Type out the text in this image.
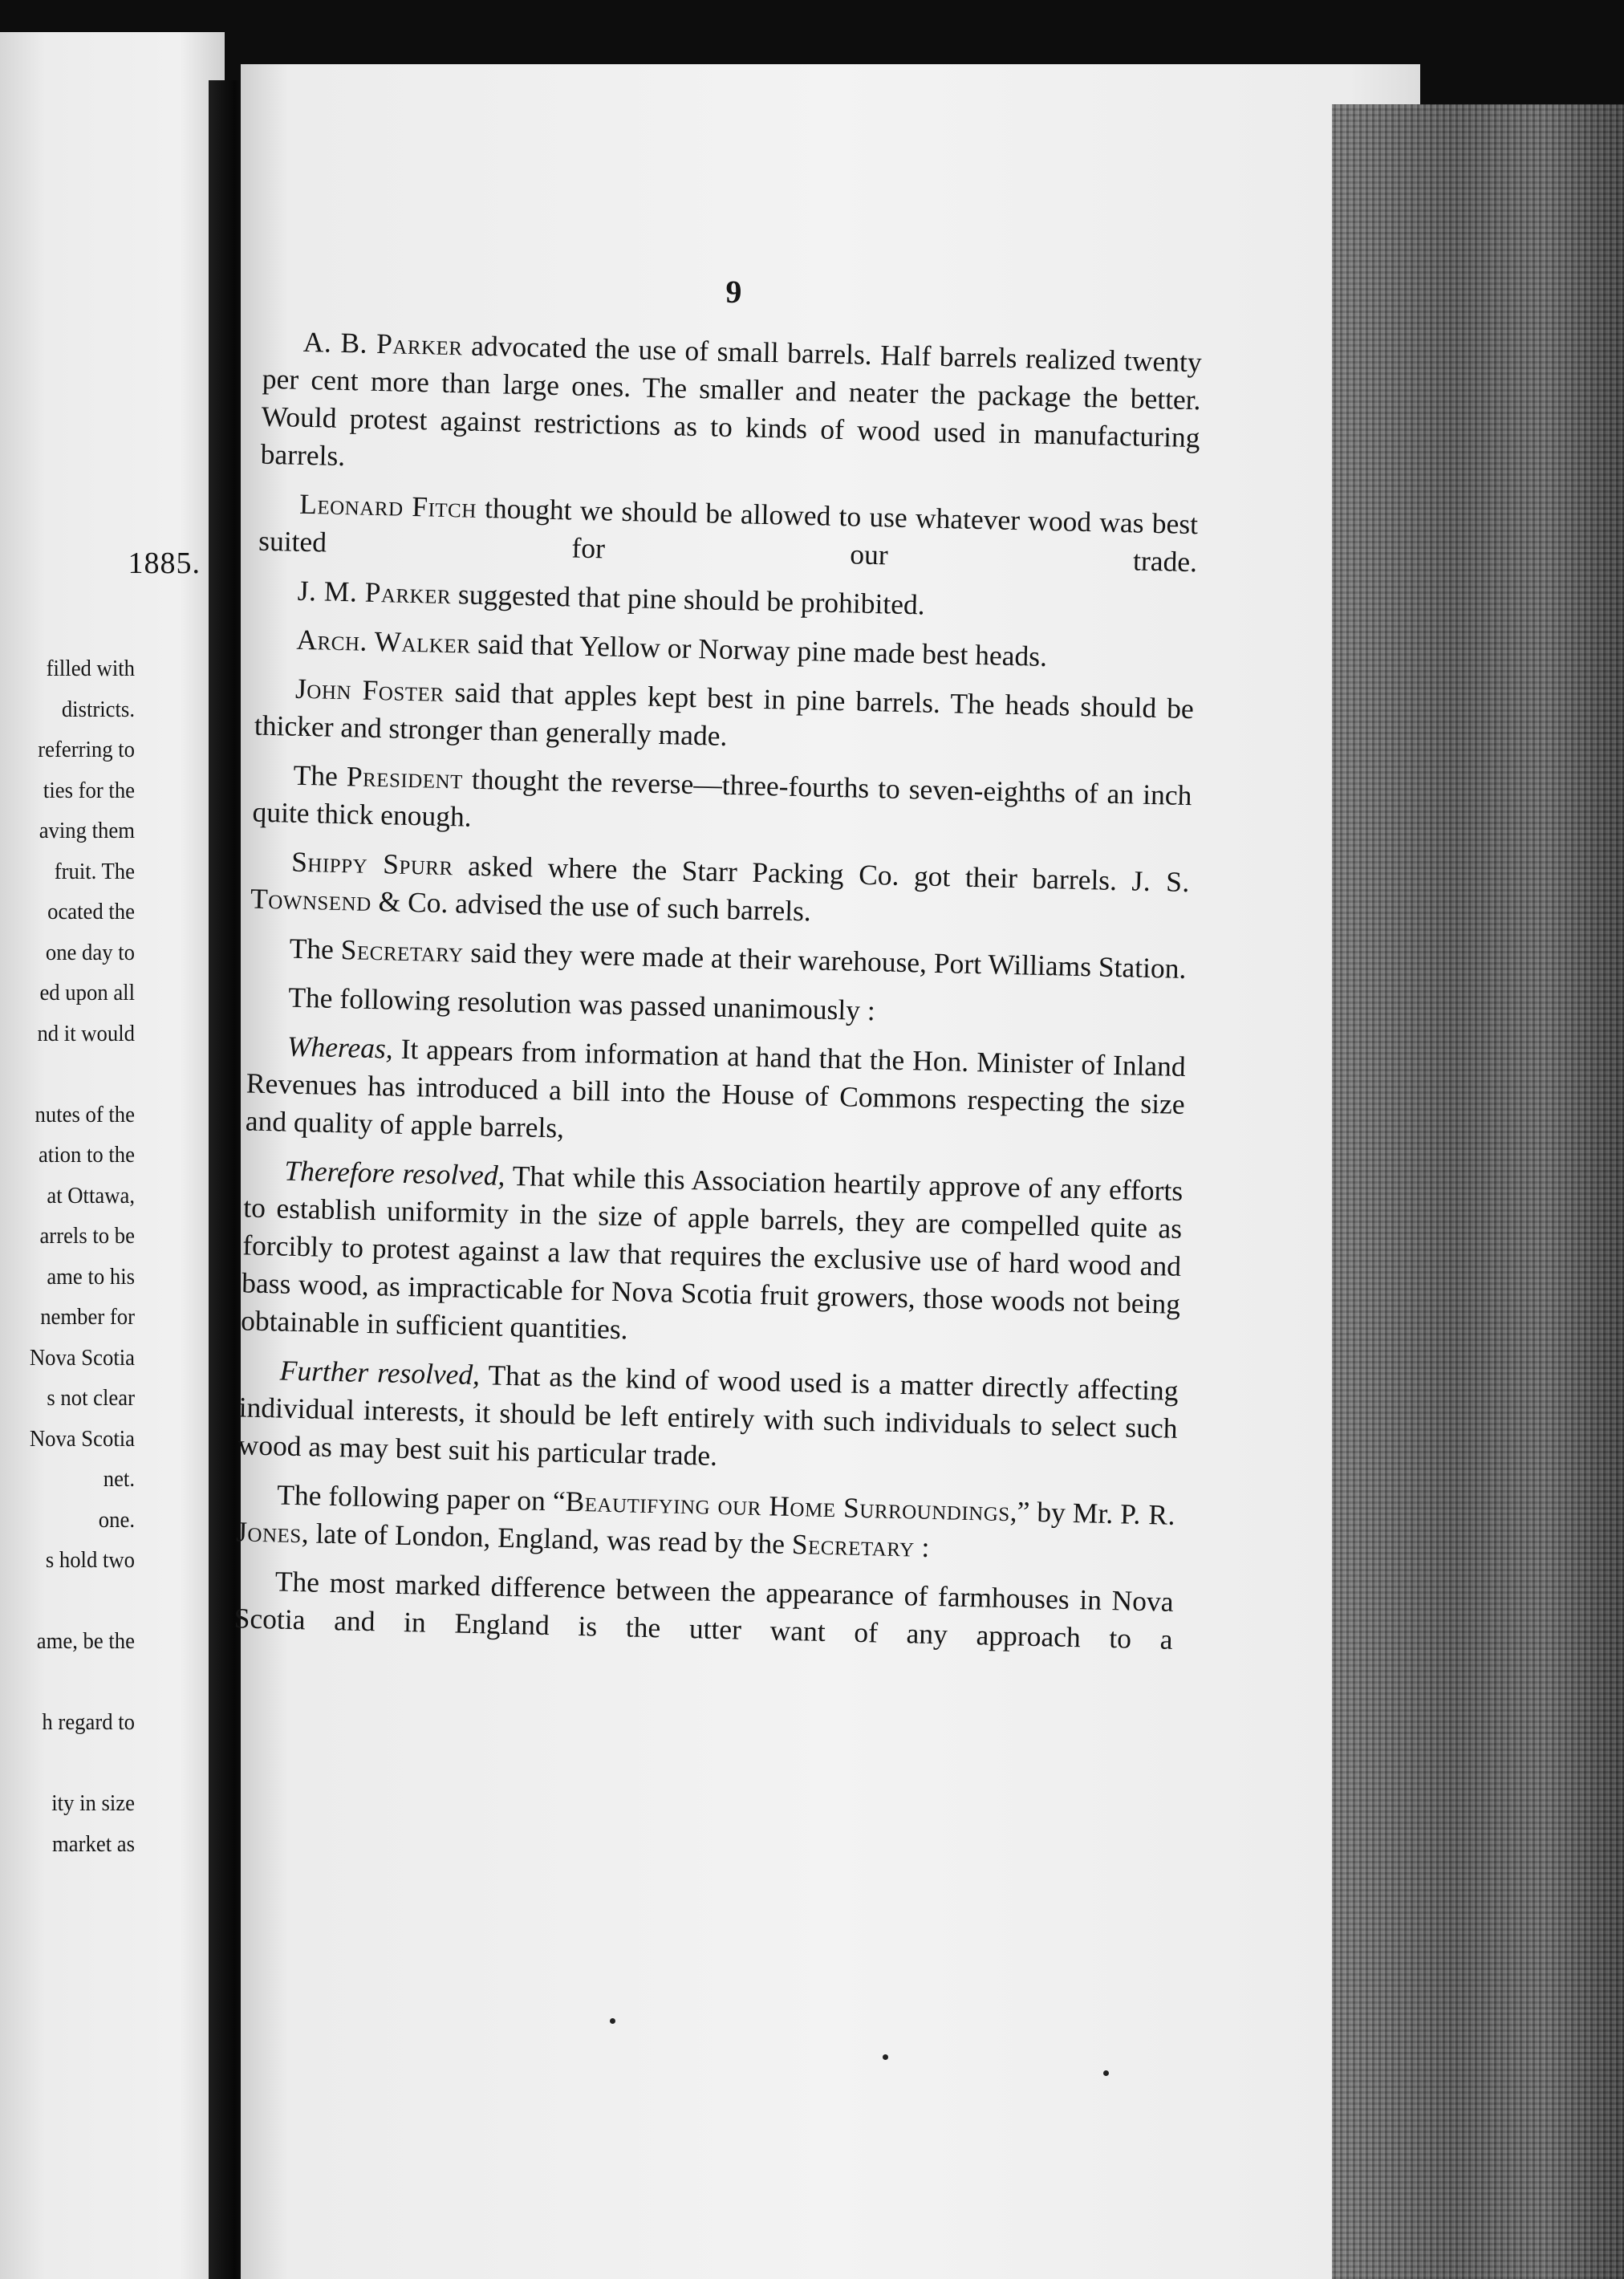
1885.
filled with
districts.
referring to
ties for the
aving them
fruit. The
ocated the
one day to
ed upon all
nd it would

nutes of the
ation to the
at Ottawa,
arrels to be
ame to his
nember for
Nova Scotia
s not clear
Nova Scotia
net.
one.
s hold two

ame, be the

h regard to

ity in size
market as
9

A. B. Parker advocated the use of small barrels. Half barrels realized twenty per cent more than large ones. The smaller and neater the package the better. Would protest against restrictions as to kinds of wood used in manufacturing barrels.

Leonard Fitch thought we should be allowed to use whatever wood was best suited for our trade.

J. M. Parker suggested that pine should be prohibited.

Arch. Walker said that Yellow or Norway pine made best heads.

John Foster said that apples kept best in pine barrels. The heads should be thicker and stronger than generally made.

The President thought the reverse—three-fourths to seven-eighths of an inch quite thick enough.

Shippy Spurr asked where the Starr Packing Co. got their barrels. J. S. Townsend & Co. advised the use of such barrels.

The Secretary said they were made at their warehouse, Port Williams Station.

The following resolution was passed unanimously :

Whereas, It appears from information at hand that the Hon. Minister of Inland Revenues has introduced a bill into the House of Commons respecting the size and quality of apple barrels,

Therefore resolved, That while this Association heartily approve of any efforts to establish uniformity in the size of apple barrels, they are compelled quite as forcibly to protest against a law that requires the exclusive use of hard wood and bass wood, as impracticable for Nova Scotia fruit growers, those woods not being obtainable in sufficient quantities.

Further resolved, That as the kind of wood used is a matter directly affecting individual interests, it should be left entirely with such individuals to select such wood as may best suit his particular trade.

The following paper on “Beautifying our Home Surroundings,” by Mr. P. R. Jones, late of London, England, was read by the Secretary :

The most marked difference between the appearance of farmhouses in Nova Scotia and in England is the utter want of any approach to a
